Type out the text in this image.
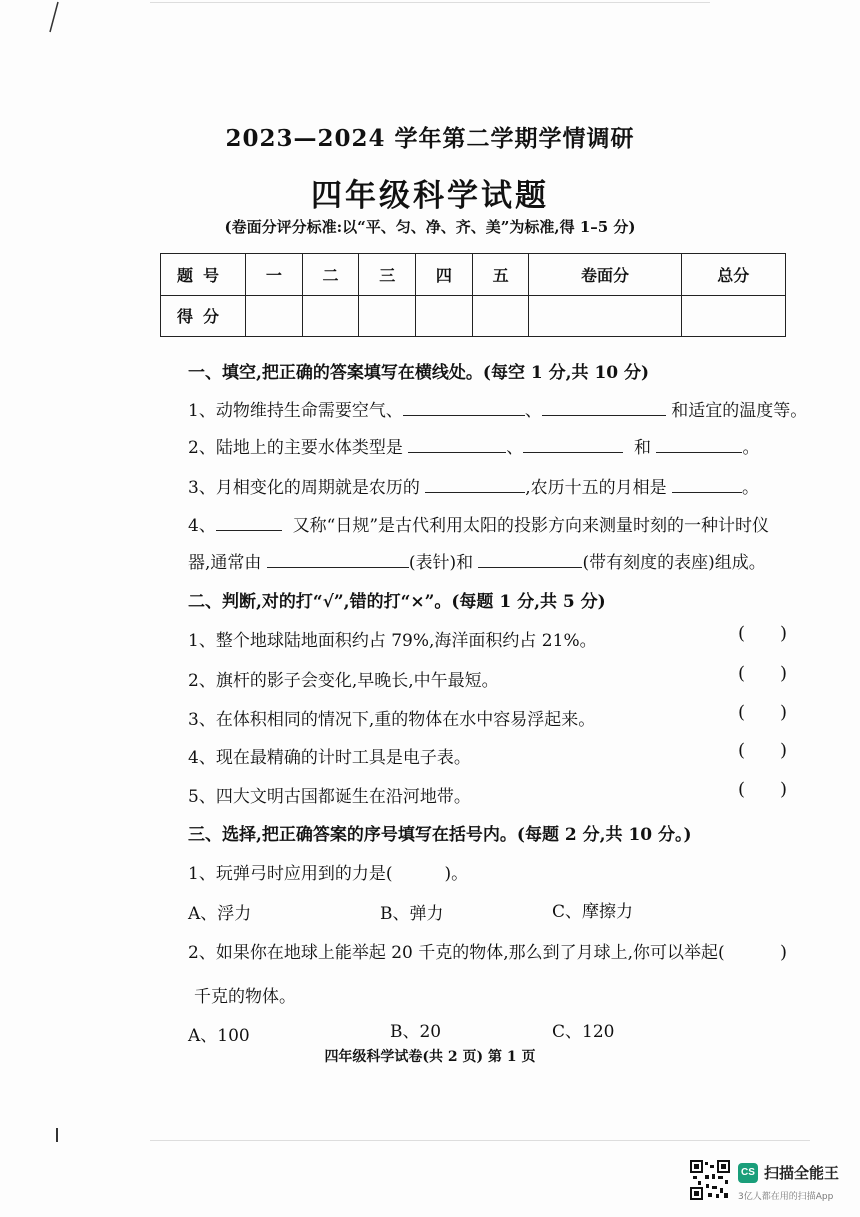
2023—2024 学年第二学期学情调研
四年级科学试题
(卷面分评分标准:以“平、匀、净、齐、美”为标准,得 1–5 分)
题号	一	二	三	四	五	卷面分	总分
得分							
一、填空,把正确的答案填写在横线处。(每空 1 分,共 10 分)
1、动物维持生命需要空气、	、	和适宜的温度等。
2、陆地上的主要水体类型是	、	和	。
3、月相变化的周期就是农历的	,农历十五的月相是	。
4、	又称“日规”是古代利用太阳的投影方向来测量时刻的一种计时仪
器,通常由	(表针)和	(带有刻度的表座)组成。
二、判断,对的打“√”,错的打“×”。(每题 1 分,共 5 分)
1、整个地球陆地面积约占 79%,海洋面积约占 21%。	( )
2、旗杆的影子会变化,早晚长,中午最短。	( )
3、在体积相同的情况下,重的物体在水中容易浮起来。	( )
4、现在最精确的计时工具是电子表。	( )
5、四大文明古国都诞生在沿河地带。	( )
三、选择,把正确答案的序号填写在括号内。(每题 2 分,共 10 分。)
1、玩弹弓时应用到的力是(	)。
A、浮力	B、弹力	C、摩擦力
2、如果你在地球上能举起 20 千克的物体,那么到了月球上,你可以举起(	)
千克的物体。
A、100	B、20	C、120
四年级科学试卷(共 2 页) 第 1 页
CS 扫描全能王
3亿人都在用的扫描App
